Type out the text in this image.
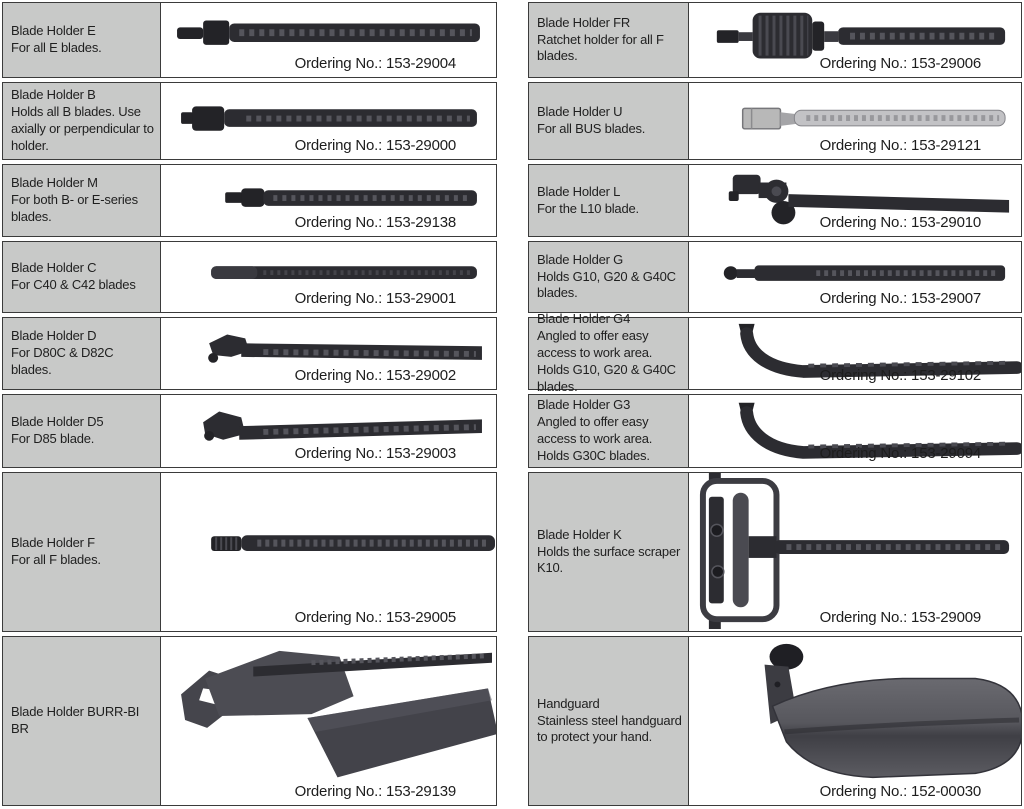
Blade Holder E
For all E blades.
Ordering No.: 153-29004
Blade Holder B
Holds all B blades. Use axially or perpendicular to holder.	Ordering No.: 153-29000
Blade Holder M
For both B- or E-series blades.	Ordering No.: 153-29138
Blade Holder C
For C40 & C42 blades
Ordering No.: 153-29001
Blade Holder D
For D80C & D82C blades.	Ordering No.: 153-29002
Blade Holder D5
For D85 blade.
Ordering No.: 153-29003
Blade Holder F
For all F blades.
Ordering No.: 153-29005
Blade Holder BURR-BI BR
Ordering No.: 153-29139
Blade Holder FR
Ratchet holder for all F blades.	Ordering No.: 153-29006
Blade Holder U
For all BUS blades.
Ordering No.: 153-29121
Blade Holder L
For the L10 blade.
Ordering No.: 153-29010
Blade Holder G
Holds G10, G20 & G40C blades.	Ordering No.: 153-29007
Blade Holder G4
Angled to offer easy access to work area. Holds G10, G20 & G40C blades.
Ordering No.: 153-29102
Blade Holder G3
Angled to offer easy access to work area. Holds G30C blades.	Ordering No.: 153-29094
Blade Holder K
Holds the surface scraper K10.
Ordering No.: 153-29009
Handguard
Stainless steel handguard to protect your hand.
Ordering No.: 152-00030
